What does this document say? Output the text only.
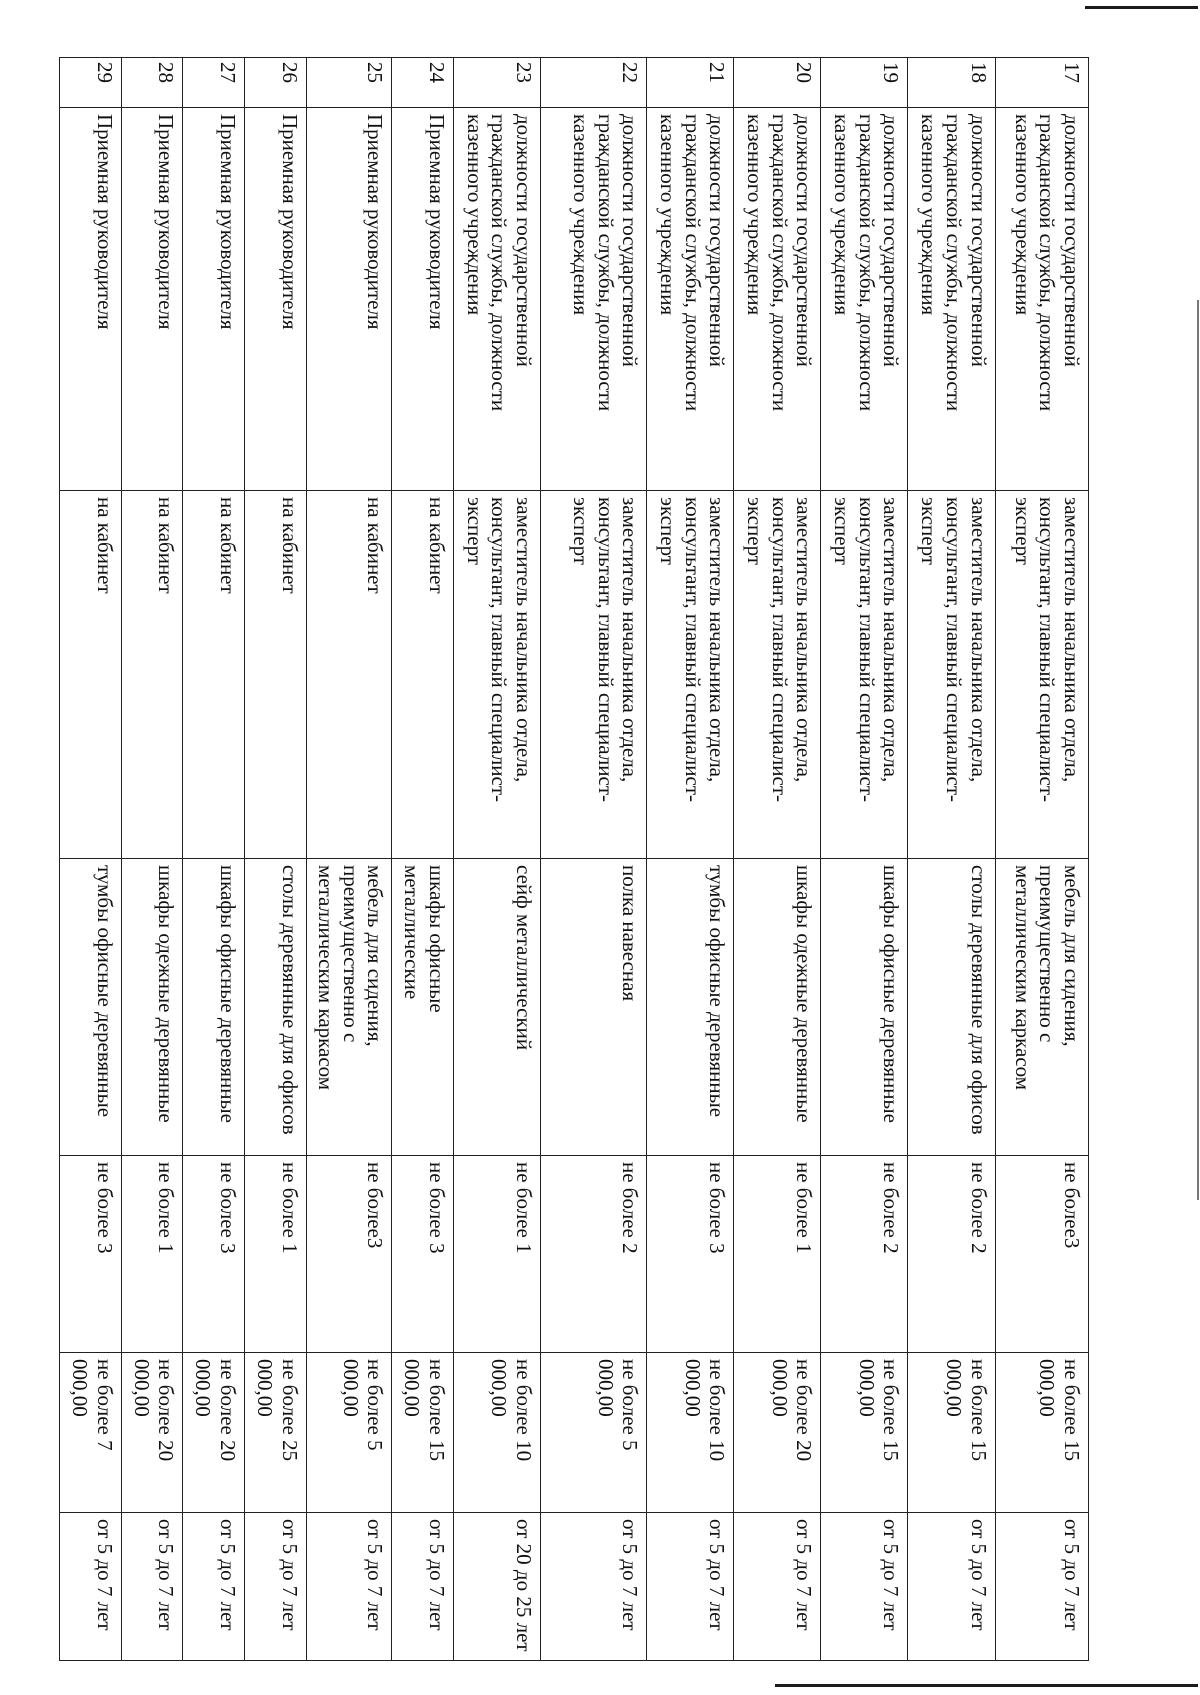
17	должности государственной гражданской службы, должности казенного учреждения	заместитель начальника отдела, консультант, главный специалист-эксперт	мебель для сидения, преимущественно с металлическим каркасом	не более3	не более 15 000,00	от 5 до 7 лет
18	должности государственной гражданской службы, должности казенного учреждения	заместитель начальника отдела, консультант, главный специалист-эксперт	столы деревянные для офисов	не более 2	не более 15 000,00	от 5 до 7 лет
19	должности государственной гражданской службы, должности казенного учреждения	заместитель начальника отдела, консультант, главный специалист-эксперт	шкафы офисные деревянные	не более 2	не более 15 000,00	от 5 до 7 лет
20	должности государственной гражданской службы, должности казенного учреждения	заместитель начальника отдела, консультант, главный специалист-эксперт	шкафы одежные деревянные	не более 1	не более 20 000,00	от 5 до 7 лет
21	должности государственной гражданской службы, должности казенного учреждения	заместитель начальника отдела, консультант, главный специалист-эксперт	тумбы офисные деревянные	не более 3	не более 10 000,00	от 5 до 7 лет
22	должности государственной гражданской службы, должности казенного учреждения	заместитель начальника отдела, консультант, главный специалист-эксперт	полка навесная	не более 2	не более 5 000,00	от 5 до 7 лет
23	должности государственной гражданской службы, должности казенного учреждения	заместитель начальника отдела, консультант, главный специалист-эксперт	сейф металлический	не более 1	не более 10 000,00	от 20 до 25 лет
24	Приемная руководителя	на кабинет	шкафы офисные металлические	не более 3	не более 15 000,00	от 5 до 7 лет
25	Приемная руководителя	на кабинет	мебель для сидения, преимущественно с металлическим каркасом	не более3	не более 5 000,00	от 5 до 7 лет
26	Приемная руководителя	на кабинет	столы деревянные для офисов	не более 1	не более 25 000,00	от 5 до 7 лет
27	Приемная руководителя	на кабинет	шкафы офисные деревянные	не более 3	не более 20 000,00	от 5 до 7 лет
28	Приемная руководителя	на кабинет	шкафы одежные деревянные	не более 1	не более 20 000,00	от 5 до 7 лет
29	Приемная руководителя	на кабинет	тумбы офисные деревянные	не более 3	не более 7 000,00	от 5 до 7 лет
